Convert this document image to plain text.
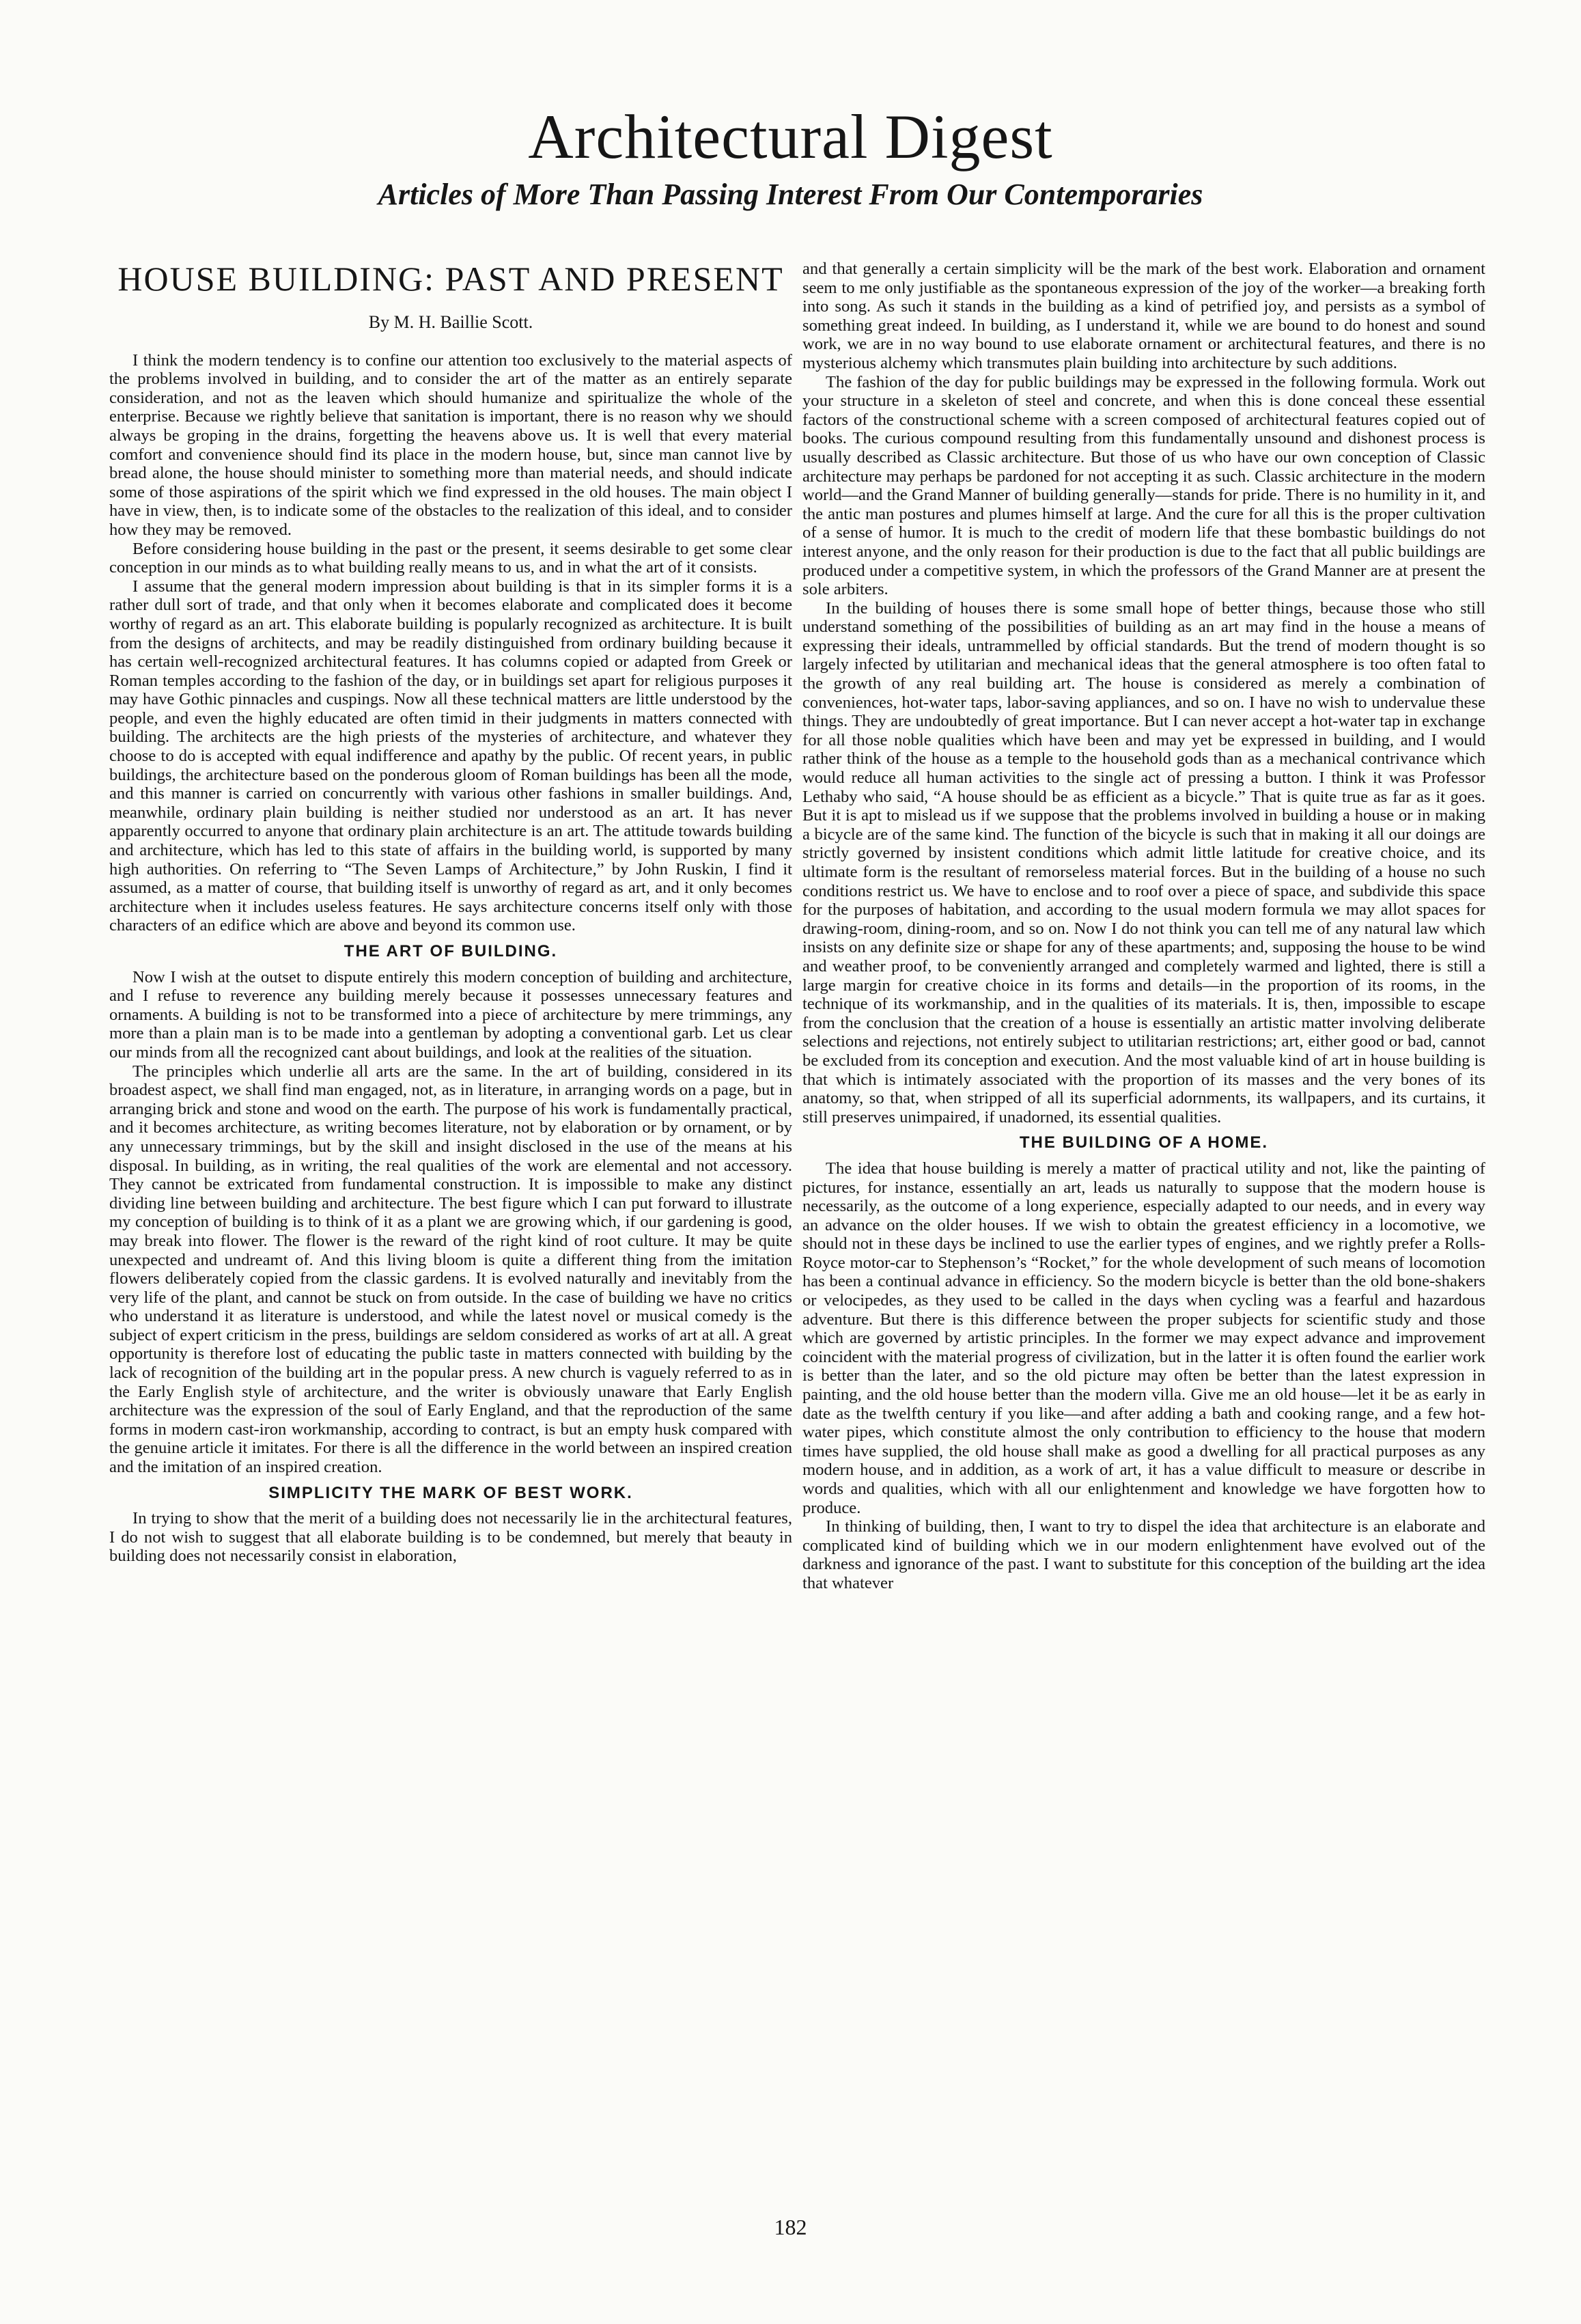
Architectural Digest
Articles of More Than Passing Interest From Our Contemporaries
HOUSE BUILDING: PAST AND PRESENT
By M. H. Baillie Scott.

I think the modern tendency is to confine our attention too exclusively to the material aspects of the problems involved in building, and to consider the art of the matter as an entirely separate consideration, and not as the leaven which should humanize and spiritualize the whole of the enterprise. Because we rightly believe that sanitation is important, there is no reason why we should always be groping in the drains, forgetting the heavens above us. It is well that every material comfort and convenience should find its place in the modern house, but, since man cannot live by bread alone, the house should minister to something more than material needs, and should indicate some of those aspirations of the spirit which we find expressed in the old houses. The main object I have in view, then, is to indicate some of the obstacles to the realization of this ideal, and to consider how they may be removed.

Before considering house building in the past or the present, it seems desirable to get some clear conception in our minds as to what building really means to us, and in what the art of it consists.

I assume that the general modern impression about building is that in its simpler forms it is a rather dull sort of trade, and that only when it becomes elaborate and complicated does it become worthy of regard as an art. This elaborate building is popularly recognized as architecture. It is built from the designs of architects, and may be readily distinguished from ordinary building because it has certain well-recognized architectural features. It has columns copied or adapted from Greek or Roman temples according to the fashion of the day, or in buildings set apart for religious purposes it may have Gothic pinnacles and cuspings. Now all these technical matters are little understood by the people, and even the highly educated are often timid in their judgments in matters connected with building. The architects are the high priests of the mysteries of architecture, and whatever they choose to do is accepted with equal indifference and apathy by the public. Of recent years, in public buildings, the architecture based on the ponderous gloom of Roman buildings has been all the mode, and this manner is carried on concurrently with various other fashions in smaller buildings. And, meanwhile, ordinary plain building is neither studied nor understood as an art. It has never apparently occurred to anyone that ordinary plain architecture is an art. The attitude towards building and architecture, which has led to this state of affairs in the building world, is supported by many high authorities. On referring to “The Seven Lamps of Architecture,” by John Ruskin, I find it assumed, as a matter of course, that building itself is unworthy of regard as art, and it only becomes architecture when it includes useless features. He says architecture concerns itself only with those characters of an edifice which are above and beyond its common use.

THE ART OF BUILDING.

Now I wish at the outset to dispute entirely this modern conception of building and architecture, and I refuse to reverence any building merely because it possesses unnecessary features and ornaments. A building is not to be transformed into a piece of architecture by mere trimmings, any more than a plain man is to be made into a gentleman by adopting a conventional garb. Let us clear our minds from all the recognized cant about buildings, and look at the realities of the situation.

The principles which underlie all arts are the same. In the art of building, considered in its broadest aspect, we shall find man engaged, not, as in literature, in arranging words on a page, but in arranging brick and stone and wood on the earth. The purpose of his work is fundamentally practical, and it becomes architecture, as writing becomes literature, not by elaboration or by ornament, or by any unnecessary trimmings, but by the skill and insight disclosed in the use of the means at his disposal. In building, as in writing, the real qualities of the work are elemental and not accessory. They cannot be extricated from fundamental construction. It is impossible to make any distinct dividing line between building and architecture. The best figure which I can put forward to illustrate my conception of building is to think of it as a plant we are growing which, if our gardening is good, may break into flower. The flower is the reward of the right kind of root culture. It may be quite unexpected and undreamt of. And this living bloom is quite a different thing from the imitation flowers deliberately copied from the classic gardens. It is evolved naturally and inevitably from the very life of the plant, and cannot be stuck on from outside. In the case of building we have no critics who understand it as literature is understood, and while the latest novel or musical comedy is the subject of expert criticism in the press, buildings are seldom considered as works of art at all. A great opportunity is therefore lost of educating the public taste in matters connected with building by the lack of recognition of the building art in the popular press. A new church is vaguely referred to as in the Early English style of architecture, and the writer is obviously unaware that Early English architecture was the expression of the soul of Early England, and that the reproduction of the same forms in modern cast-iron workmanship, according to contract, is but an empty husk compared with the genuine article it imitates. For there is all the difference in the world between an inspired creation and the imitation of an inspired creation.

SIMPLICITY THE MARK OF BEST WORK.

In trying to show that the merit of a building does not necessarily lie in the architectural features, I do not wish to suggest that all elaborate building is to be condemned, but merely that beauty in building does not necessarily consist in elaboration,

and that generally a certain simplicity will be the mark of the best work. Elaboration and ornament seem to me only justifiable as the spontaneous expression of the joy of the worker—a breaking forth into song. As such it stands in the building as a kind of petrified joy, and persists as a symbol of something great indeed. In building, as I understand it, while we are bound to do honest and sound work, we are in no way bound to use elaborate ornament or architectural features, and there is no mysterious alchemy which transmutes plain building into architecture by such additions.

The fashion of the day for public buildings may be expressed in the following formula. Work out your structure in a skeleton of steel and concrete, and when this is done conceal these essential factors of the constructional scheme with a screen composed of architectural features copied out of books. The curious compound resulting from this fundamentally unsound and dishonest process is usually described as Classic architecture. But those of us who have our own conception of Classic architecture may perhaps be pardoned for not accepting it as such. Classic architecture in the modern world—and the Grand Manner of building generally—stands for pride. There is no humility in it, and the antic man postures and plumes himself at large. And the cure for all this is the proper cultivation of a sense of humor. It is much to the credit of modern life that these bombastic buildings do not interest anyone, and the only reason for their production is due to the fact that all public buildings are produced under a competitive system, in which the professors of the Grand Manner are at present the sole arbiters.

In the building of houses there is some small hope of better things, because those who still understand something of the possibilities of building as an art may find in the house a means of expressing their ideals, untrammelled by official standards. But the trend of modern thought is so largely infected by utilitarian and mechanical ideas that the general atmosphere is too often fatal to the growth of any real building art. The house is considered as merely a combination of conveniences, hot-water taps, labor-saving appliances, and so on. I have no wish to undervalue these things. They are undoubtedly of great importance. But I can never accept a hot-water tap in exchange for all those noble qualities which have been and may yet be expressed in building, and I would rather think of the house as a temple to the household gods than as a mechanical contrivance which would reduce all human activities to the single act of pressing a button. I think it was Professor Lethaby who said, “A house should be as efficient as a bicycle.” That is quite true as far as it goes. But it is apt to mislead us if we suppose that the problems involved in building a house or in making a bicycle are of the same kind. The function of the bicycle is such that in making it all our doings are strictly governed by insistent conditions which admit little latitude for creative choice, and its ultimate form is the resultant of remorseless material forces. But in the building of a house no such conditions restrict us. We have to enclose and to roof over a piece of space, and subdivide this space for the purposes of habitation, and according to the usual modern formula we may allot spaces for drawing-room, dining-room, and so on. Now I do not think you can tell me of any natural law which insists on any definite size or shape for any of these apartments; and, supposing the house to be wind and weather proof, to be conveniently arranged and completely warmed and lighted, there is still a large margin for creative choice in its forms and details—in the proportion of its rooms, in the technique of its workmanship, and in the qualities of its materials. It is, then, impossible to escape from the conclusion that the creation of a house is essentially an artistic matter involving deliberate selections and rejections, not entirely subject to utilitarian restrictions; art, either good or bad, cannot be excluded from its conception and execution. And the most valuable kind of art in house building is that which is intimately associated with the proportion of its masses and the very bones of its anatomy, so that, when stripped of all its superficial adornments, its wallpapers, and its curtains, it still preserves unimpaired, if unadorned, its essential qualities.

THE BUILDING OF A HOME.

The idea that house building is merely a matter of practical utility and not, like the painting of pictures, for instance, essentially an art, leads us naturally to suppose that the modern house is necessarily, as the outcome of a long experience, especially adapted to our needs, and in every way an advance on the older houses. If we wish to obtain the greatest efficiency in a locomotive, we should not in these days be inclined to use the earlier types of engines, and we rightly prefer a Rolls-Royce motor-car to Stephenson’s “Rocket,” for the whole development of such means of locomotion has been a continual advance in efficiency. So the modern bicycle is better than the old bone-shakers or velocipedes, as they used to be called in the days when cycling was a fearful and hazardous adventure. But there is this difference between the proper subjects for scientific study and those which are governed by artistic principles. In the former we may expect advance and improvement coincident with the material progress of civilization, but in the latter it is often found the earlier work is better than the later, and so the old picture may often be better than the latest expression in painting, and the old house better than the modern villa. Give me an old house—let it be as early in date as the twelfth century if you like—and after adding a bath and cooking range, and a few hot-water pipes, which constitute almost the only contribution to efficiency to the house that modern times have supplied, the old house shall make as good a dwelling for all practical purposes as any modern house, and in addition, as a work of art, it has a value difficult to measure or describe in words and qualities, which with all our enlightenment and knowledge we have forgotten how to produce.

In thinking of building, then, I want to try to dispel the idea that architecture is an elaborate and complicated kind of building which we in our modern enlightenment have evolved out of the darkness and ignorance of the past. I want to substitute for this conception of the building art the idea that whatever

182
